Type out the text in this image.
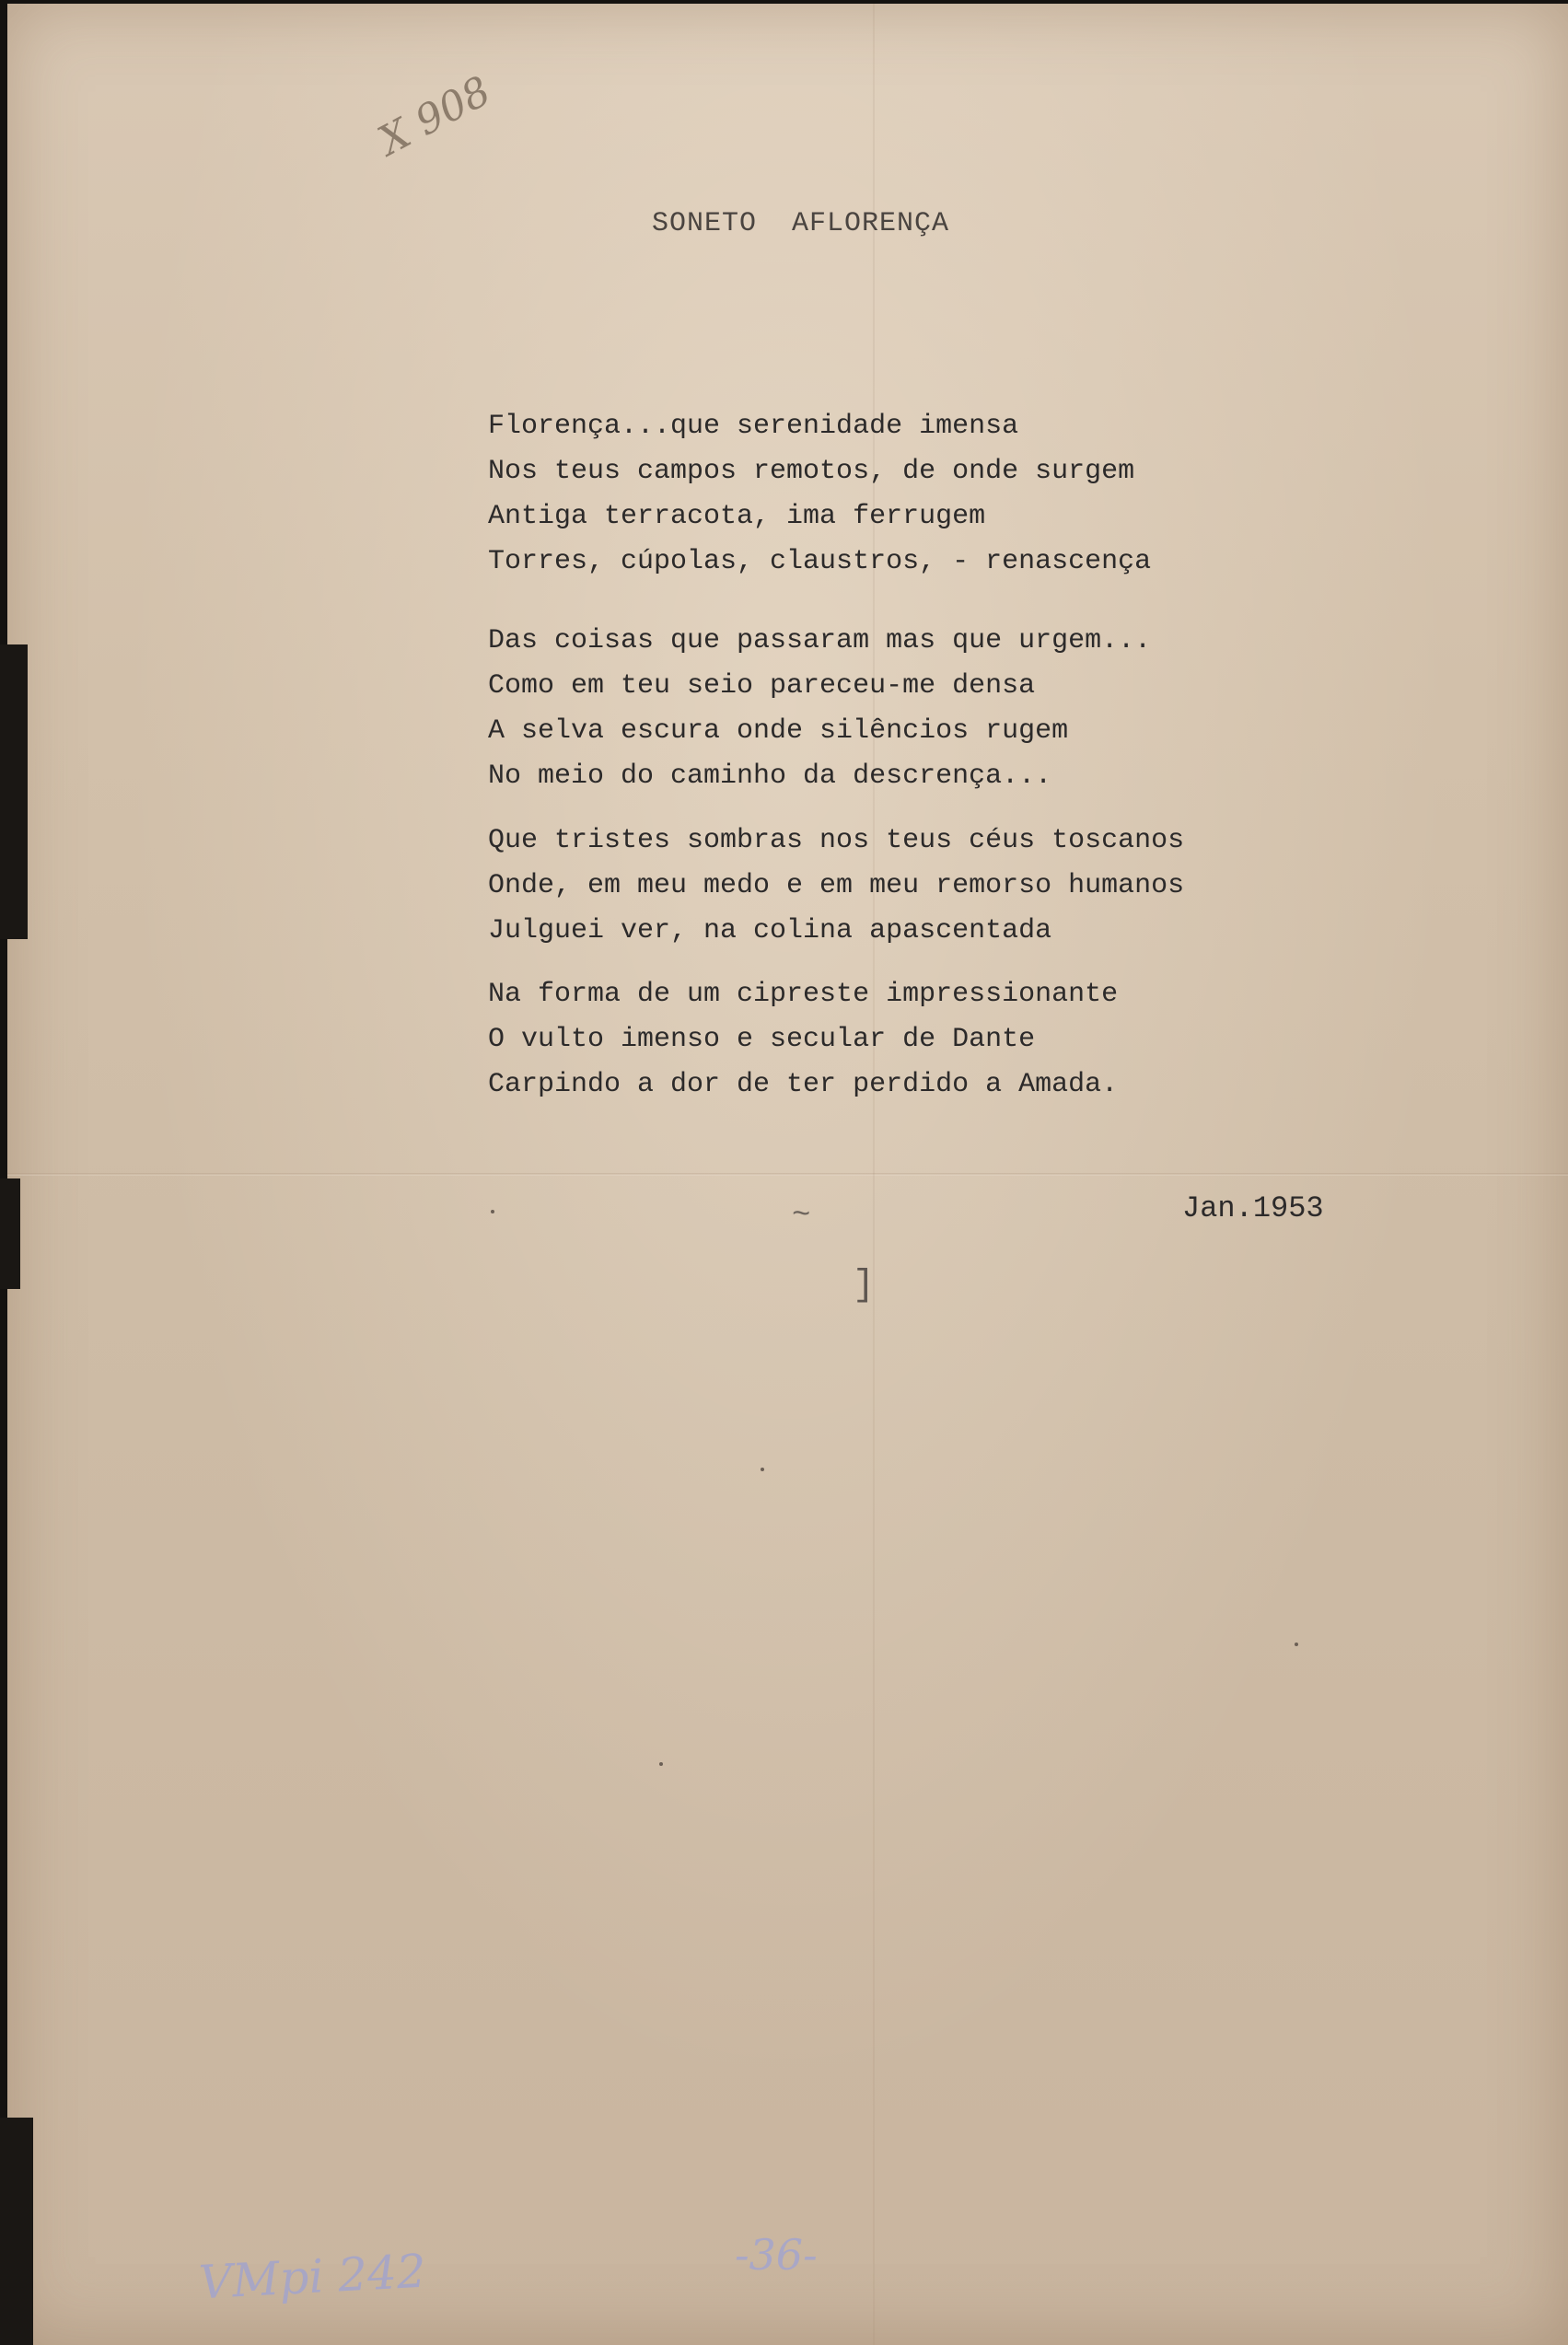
Ⅹ 908
SONETO  AFLORENÇA
Florença...que serenidade imensa
Nos teus campos remotos, de onde surgem
Antiga terracota, ima ferrugem
Torres, cúpolas, claustros, - renascença
Das coisas que passaram mas que urgem...
Como em teu seio pareceu-me densa
A selva escura onde silêncios rugem
No meio do caminho da descrença...
Que tristes sombras nos teus céus toscanos
Onde, em meu medo e em meu remorso humanos
Julguei ver, na colina apascentada
Na forma de um cipreste impressionante
O vulto imenso e secular de Dante
Carpindo a dor de ter perdido a Amada.
~
]
Jan.1953
VMpi 242	-36-
